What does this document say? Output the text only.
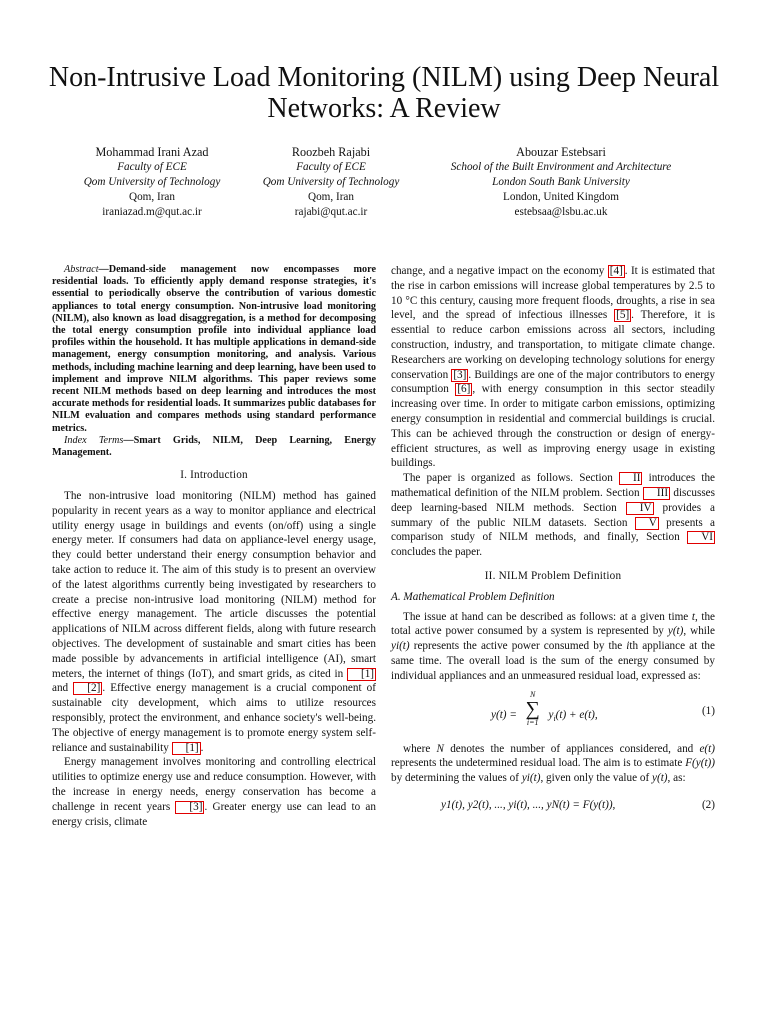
Non-Intrusive Load Monitoring (NILM) using Deep Neural Networks: A Review
Mohammad Irani Azad
Faculty of ECE
Qom University of Technology
Qom, Iran
iraniazad.m@qut.ac.ir
Roozbeh Rajabi
Faculty of ECE
Qom University of Technology
Qom, Iran
rajabi@qut.ac.ir
Abouzar Estebsari
School of the Built Environment and Architecture
London South Bank University
London, United Kingdom
estebsaa@lsbu.ac.uk

Abstract—Demand-side management now encompasses more residential loads. To efficiently apply demand response strategies, it's essential to periodically observe the contribution of various domestic appliances to total energy consumption. Non-intrusive load monitoring (NILM), also known as load disaggregation, is a method for decomposing the total energy consumption profile into individual appliance load profiles within the household. It has multiple applications in demand-side management, energy consumption monitoring, and analysis. Various methods, including machine learning and deep learning, have been used to implement and improve NILM algorithms. This paper reviews some recent NILM methods based on deep learning and introduces the most accurate methods for residential loads. It summarizes public databases for NILM evaluation and compares methods using standard performance metrics.

Index Terms—Smart Grids, NILM, Deep Learning, Energy Management.

I. Introduction

The non-intrusive load monitoring (NILM) method has gained popularity in recent years as a way to monitor appliance and electrical utility energy usage in buildings and events (on/off) using a single energy meter. If consumers had data on appliance-level energy usage, they could better understand their energy consumption behavior and take action to reduce it. The aim of this study is to present an overview of the latest algorithms currently being investigated by researchers to create a precise non-intrusive load monitoring (NILM) method for effective energy management. The article discusses the potential applications of NILM across different fields, along with future research objectives. The development of sustainable and smart cities has been made possible by advancements in artificial intelligence (AI), smart meters, the internet of things (IoT), and smart grids, as cited in [1] and [2] . Effective energy management is a crucial component of sustainable city development, which aims to utilize resources responsibly, protect the environment, and enhance society's well-being. The objective of energy management is to promote energy system self-reliance and sustainability [1] .

Energy management involves monitoring and controlling electrical utilities to optimize energy use and reduce consumption. However, with the increase in energy needs, energy conservation has become a challenge in recent years [3] . Greater energy use can lead to an energy crisis, climate

change, and a negative impact on the economy [4] . It is estimated that the rise in carbon emissions will increase global temperatures by 2.5 to 10 °C this century, causing more frequent floods, droughts, a rise in sea level, and the spread of infectious illnesses [5] . Therefore, it is essential to reduce carbon emissions across all sectors, including construction, industry, and transportation, to mitigate climate change. Researchers are working on developing technology solutions for energy conservation [3] . Buildings are one of the major contributors to energy consumption [6] , with energy consumption in this sector steadily increasing over time. In order to mitigate carbon emissions, optimizing energy consumption in residential and commercial buildings is crucial. This can be achieved through the construction or design of energy-efficient structures, as well as improving energy usage in existing buildings.

The paper is organized as follows. Section II introduces the mathematical definition of the NILM problem. Section III discusses deep learning-based NILM methods. Section IV provides a summary of the public NILM datasets. Section V presents a comparison study of NILM methods, and finally, Section VI concludes the paper.

II. NILM Problem Definition
A. Mathematical Problem Definition

The issue at hand can be described as follows: at a given time t, the total active power consumed by a system is represented by y(t), while yi(t) represents the active power consumed by the ith appliance at the same time. The overall load is the sum of the energy consumed by individual appliances and an unmeasured residual load, expressed as:

y(t) =
N
∑
i=1
$y_i(t) + e(t)$,	(1)

where N denotes the number of appliances considered, and e(t) represents the undetermined residual load. The aim is to estimate F(y(t)) by determining the values of yi(t), given only the value of y(t), as:

y1(t), y2(t), ..., yi(t), ..., yN(t) = F(y(t)),	(2)
